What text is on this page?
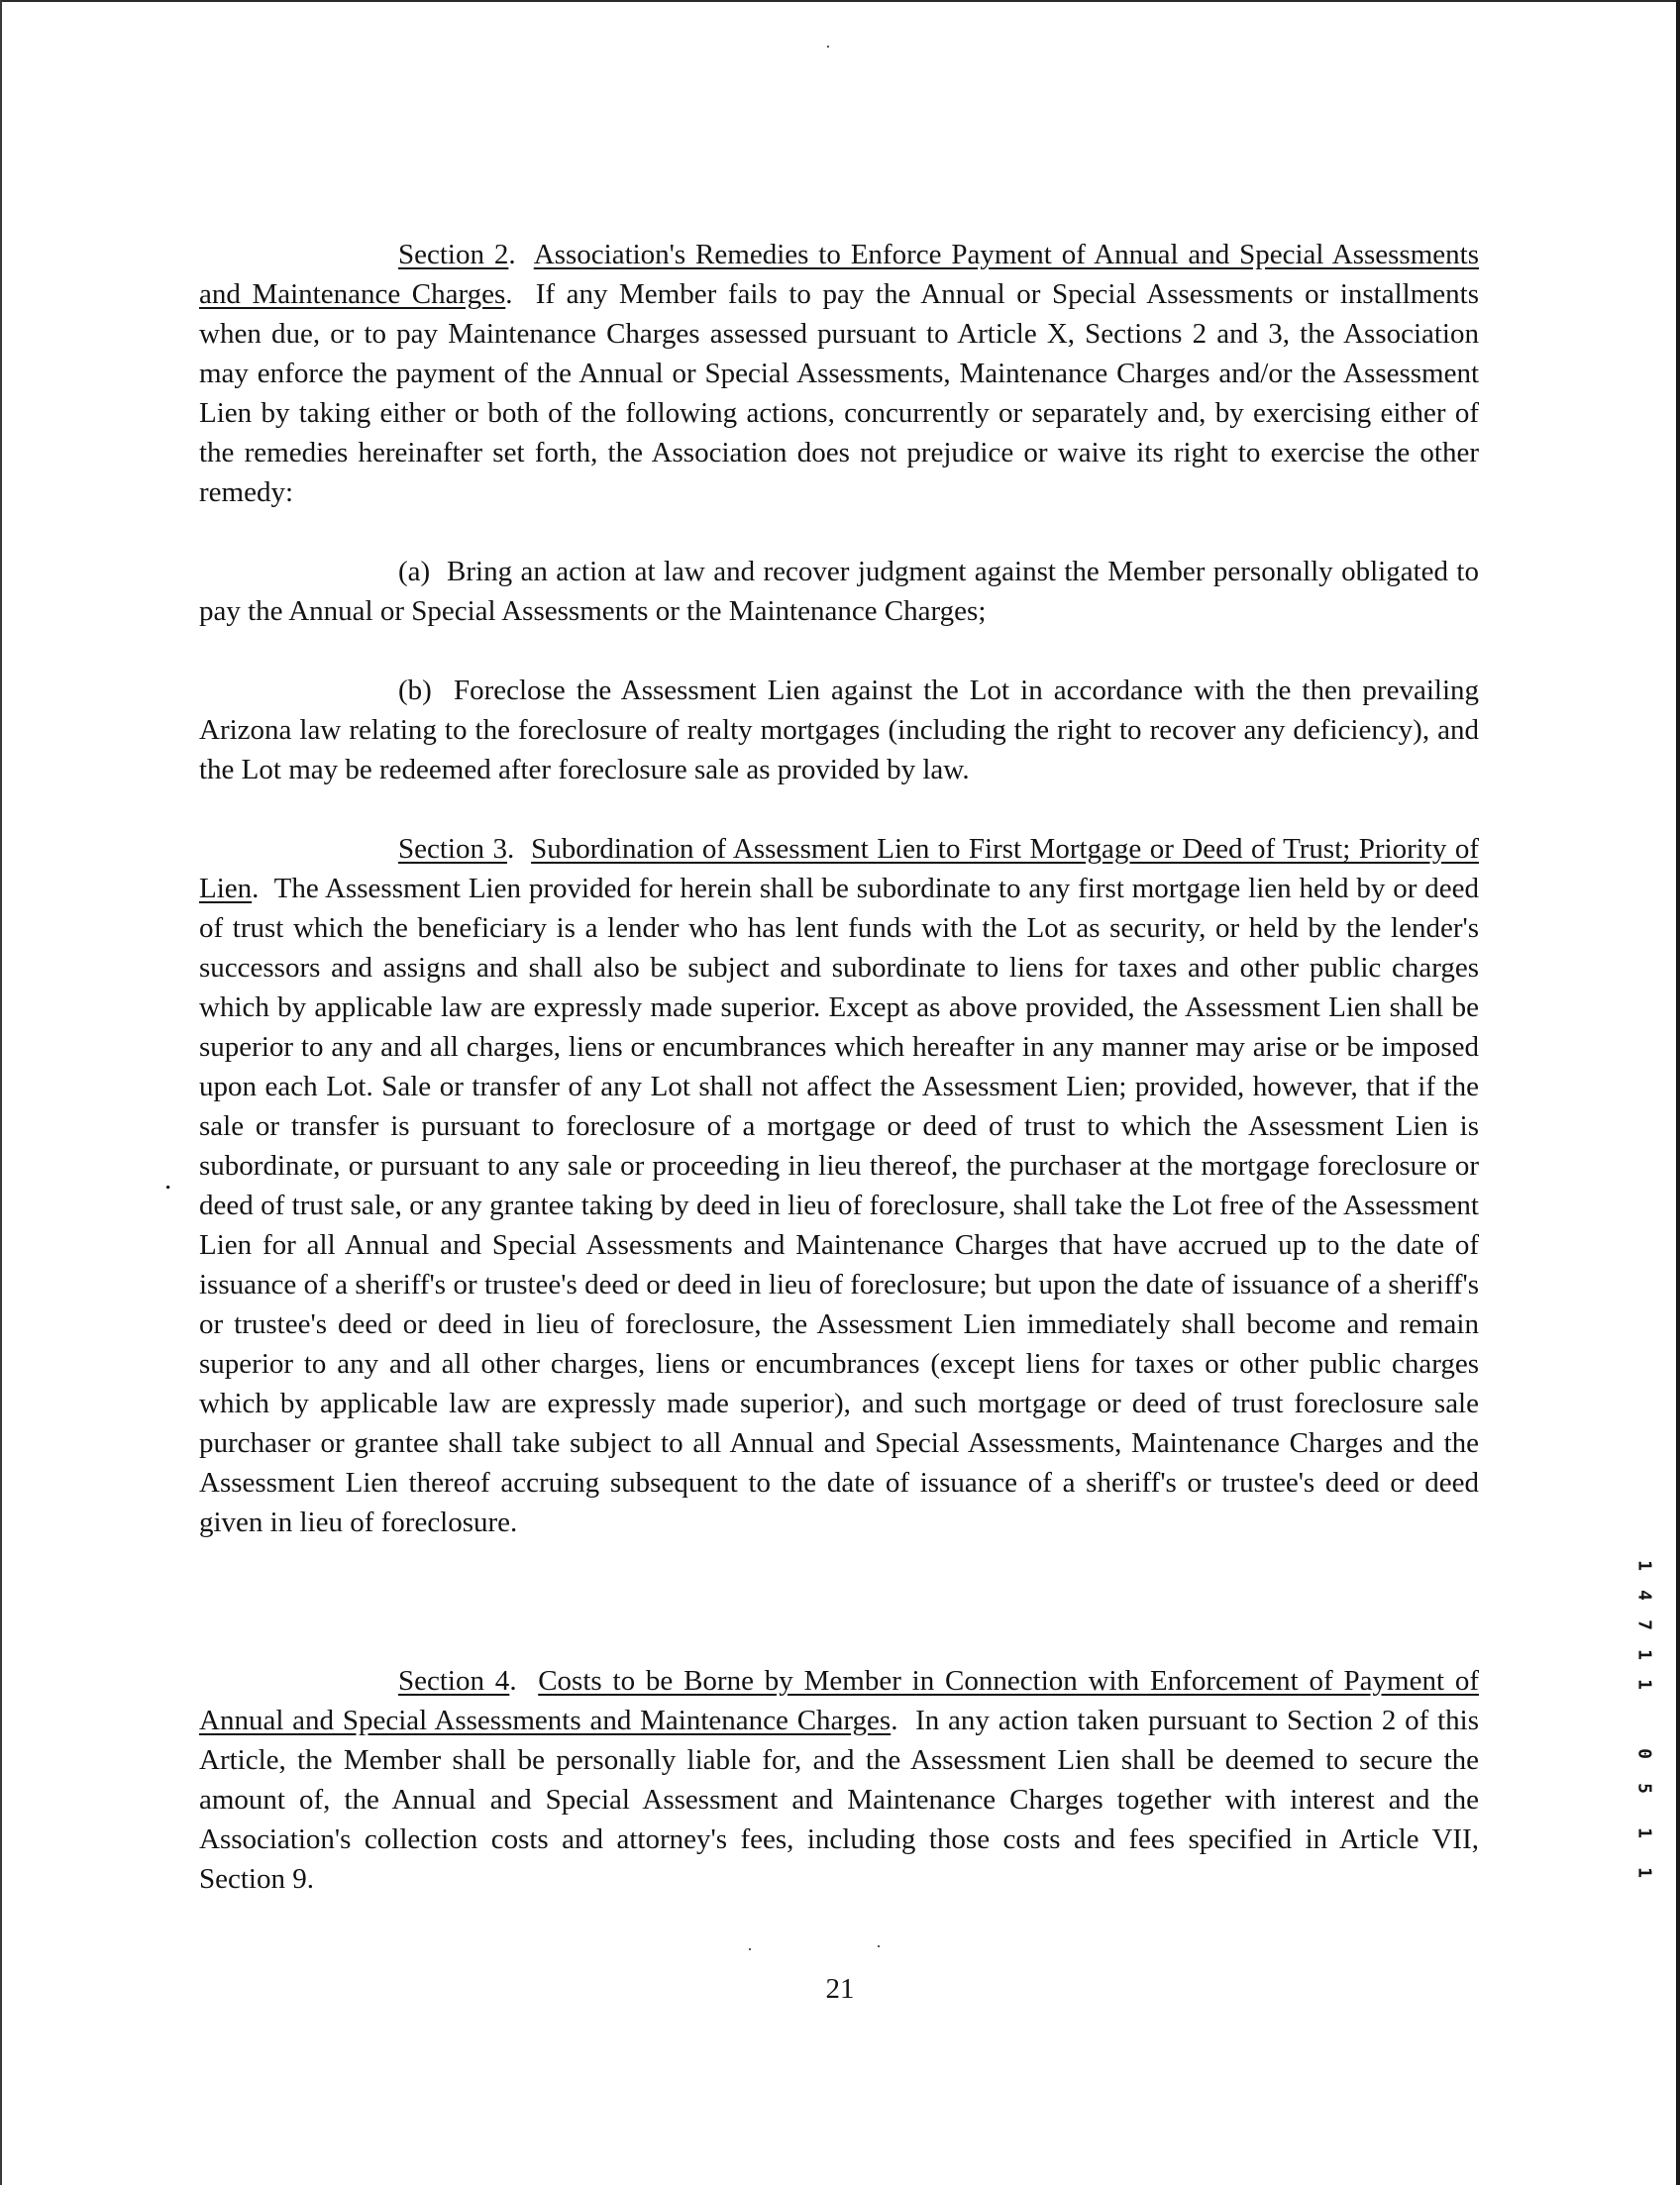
Section 2.  Association's Remedies to Enforce Payment of Annual and Special Assessments and Maintenance Charges.  If any Member fails to pay the Annual or Special Assessments or installments when due, or to pay Maintenance Charges assessed pursuant to Article X, Sections 2 and 3, the Association may enforce the payment of the Annual or Special Assessments, Maintenance Charges and/or the Assessment Lien by taking either or both of the following actions, concurrently or separately and, by exercising either of the remedies hereinafter set forth, the Association does not prejudice or waive its right to exercise the other remedy:

(a) Bring an action at law and recover judgment against the Member personally obligated to pay the Annual or Special Assessments or the Maintenance Charges;

(b) Foreclose the Assessment Lien against the Lot in accordance with the then prevailing Arizona law relating to the foreclosure of realty mortgages (including the right to recover any deficiency), and the Lot may be redeemed after foreclosure sale as provided by law.

Section 3.  Subordination of Assessment Lien to First Mortgage or Deed of Trust; Priority of Lien.  The Assessment Lien provided for herein shall be subordinate to any first mortgage lien held by or deed of trust which the beneficiary is a lender who has lent funds with the Lot as security, or held by the lender's successors and assigns and shall also be subject and subordinate to liens for taxes and other public charges which by applicable law are expressly made superior. Except as above provided, the Assessment Lien shall be superior to any and all charges, liens or encumbrances which hereafter in any manner may arise or be imposed upon each Lot. Sale or transfer of any Lot shall not affect the Assessment Lien; provided, however, that if the sale or transfer is pursuant to foreclosure of a mortgage or deed of trust to which the Assessment Lien is subordinate, or pursuant to any sale or proceeding in lieu thereof, the purchaser at the mortgage foreclosure or deed of trust sale, or any grantee taking by deed in lieu of foreclosure, shall take the Lot free of the Assessment Lien for all Annual and Special Assessments and Maintenance Charges that have accrued up to the date of issuance of a sheriff's or trustee's deed or deed in lieu of foreclosure; but upon the date of issuance of a sheriff's or trustee's deed or deed in lieu of foreclosure, the Assessment Lien immediately shall become and remain superior to any and all other charges, liens or encumbrances (except liens for taxes or other public charges which by applicable law are expressly made superior), and such mortgage or deed of trust foreclosure sale purchaser or grantee shall take subject to all Annual and Special Assessments, Maintenance Charges and the Assessment Lien thereof accruing subsequent to the date of issuance of a sheriff's or trustee's deed or deed given in lieu of foreclosure.

Section 4.  Costs to be Borne by Member in Connection with Enforcement of Payment of Annual and Special Assessments and Maintenance Charges.  In any action taken pursuant to Section 2 of this Article, the Member shall be personally liable for, and the Assessment Lien shall be deemed to secure the amount of, the Annual and Special Assessment and Maintenance Charges together with interest and the Association's collection costs and attorney's fees, including those costs and fees specified in Article VII, Section 9.

.
21
1
4
7
1
1
0
5
1
1
